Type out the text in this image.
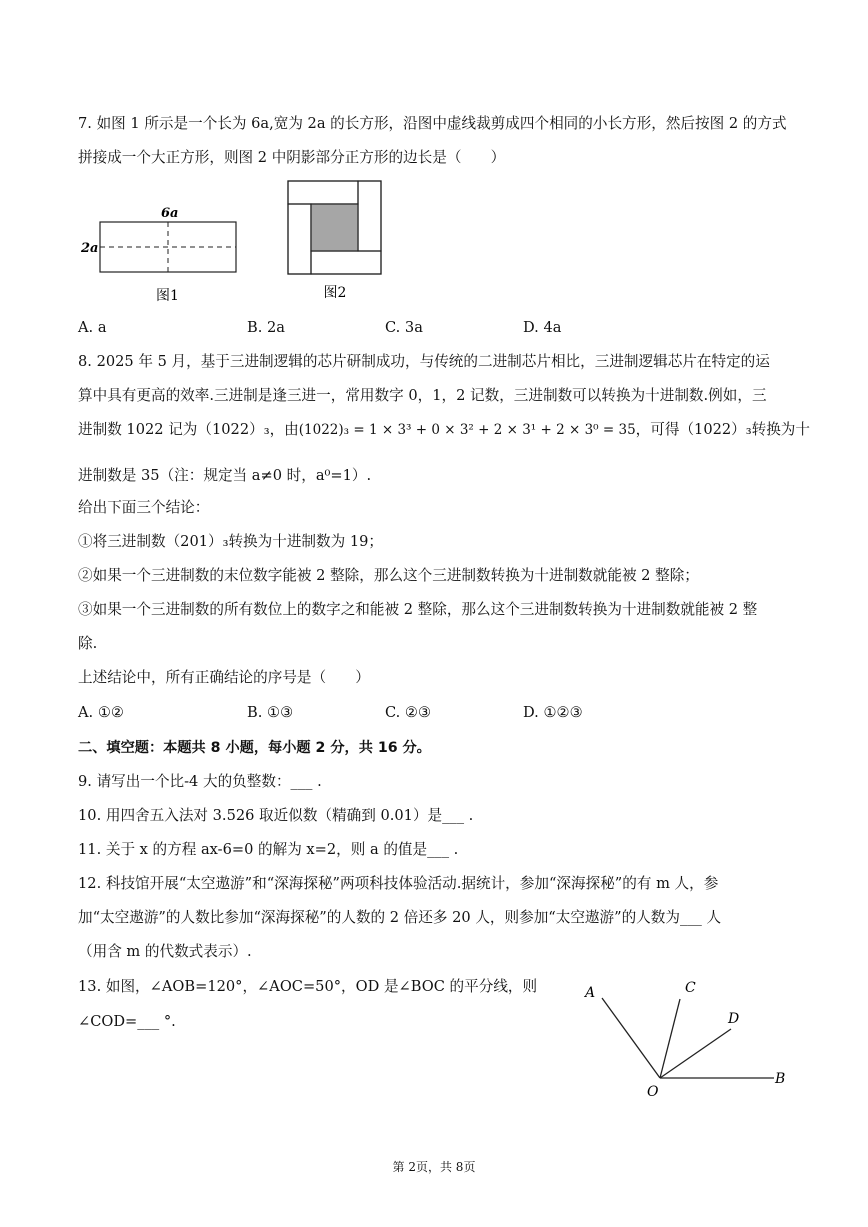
7. 如图 1 所示是一个长为 6a,宽为 2a 的长方形，沿图中虚线裁剪成四个相同的小长方形，然后按图 2 的方式
拼接成一个大正方形，则图 2 中阴影部分正方形的边长是（　　）
6a
2a
图1	图2
A. a	B. 2a	C. 3a	D. 4a
8. 2025 年 5 月，基于三进制逻辑的芯片研制成功，与传统的二进制芯片相比，三进制逻辑芯片在特定的运
算中具有更高的效率.三进制是逢三进一，常用数字 0，1，2 记数，三进制数可以转换为十进制数.例如，三
进制数 1022 记为（1022）₃，由(1022)₃ = 1 × 3³ + 0 × 3² + 2 × 3¹ + 2 × 3⁰ = 35，可得（1022）₃转换为十
进制数是 35（注：规定当 a≠0 时，a⁰=1）.
给出下面三个结论：
①将三进制数（201）₃转换为十进制数为 19；
②如果一个三进制数的末位数字能被 2 整除，那么这个三进制数转换为十进制数就能被 2 整除；
③如果一个三进制数的所有数位上的数字之和能被 2 整除，那么这个三进制数转换为十进制数就能被 2 整
除.
上述结论中，所有正确结论的序号是（　　）
A. ①②	B. ①③	C. ②③	D. ①②③
二、填空题：本题共 8 小题，每小题 2 分，共 16 分。
9. 请写出一个比-4 大的负整数：___ .
10. 用四舍五入法对 3.526 取近似数（精确到 0.01）是___ .
11. 关于 x 的方程 ax-6=0 的解为 x=2，则 a 的值是___ .
12. 科技馆开展“太空遨游”和“深海探秘”两项科技体验活动.据统计，参加“深海探秘”的有 m 人，参
加“太空遨游”的人数比参加“深海探秘”的人数的 2 倍还多 20 人，则参加“太空遨游”的人数为___ 人
（用含 m 的代数式表示）.
13. 如图，∠AOB=120°，∠AOC=50°，OD 是∠BOC 的平分线，则
∠COD=___ °.
A	C
D
O
B
第 2页，共 8页
